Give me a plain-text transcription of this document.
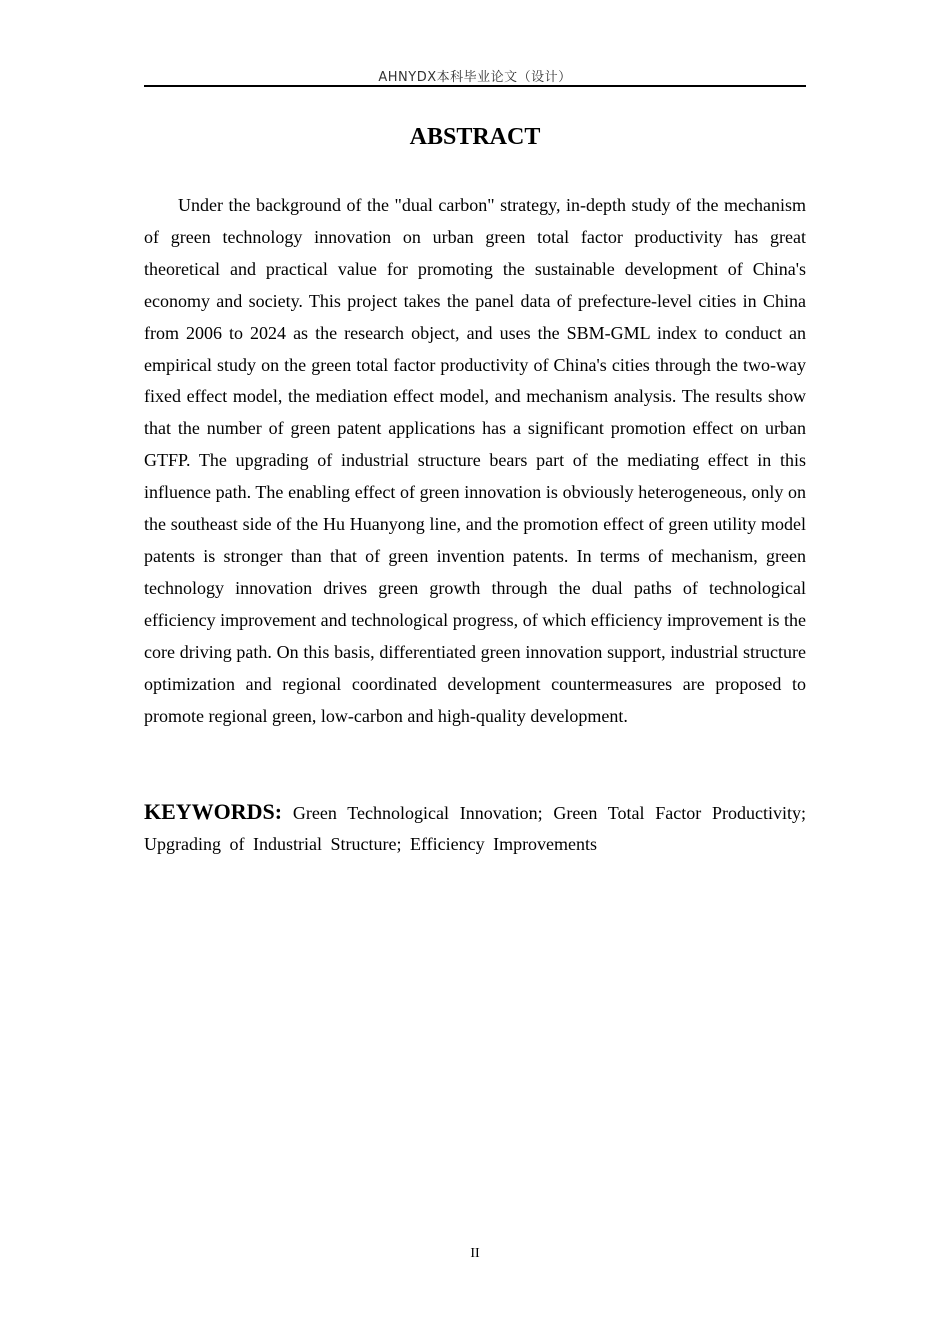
AHNYDX本科毕业论文（设计）
ABSTRACT

Under the background of the "dual carbon" strategy, in-depth study of the mechanism of green technology innovation on urban green total factor productivity has great theoretical and practical value for promoting the sustainable development of China's economy and society. This project takes the panel data of prefecture-level cities in China from 2006 to 2024 as the research object, and uses the SBM-GML index to conduct an empirical study on the green total factor productivity of China's cities through the two-way fixed effect model, the mediation effect model, and mechanism analysis. The results show that the number of green patent applications has a significant promotion effect on urban GTFP. The upgrading of industrial structure bears part of the mediating effect in this influence path. The enabling effect of green innovation is obviously heterogeneous, only on the southeast side of the Hu Huanyong line, and the promotion effect of green utility model patents is stronger than that of green invention patents. In terms of mechanism, green technology innovation drives green growth through the dual paths of technological efficiency improvement and technological progress, of which efficiency improvement is the core driving path. On this basis, differentiated green innovation support, industrial structure optimization and regional coordinated development countermeasures are proposed to promote regional green, low-carbon and high-quality development.

KEYWORDS: Green Technological Innovation; Green Total Factor Productivity; Upgrading of Industrial Structure; Efficiency Improvements

II
